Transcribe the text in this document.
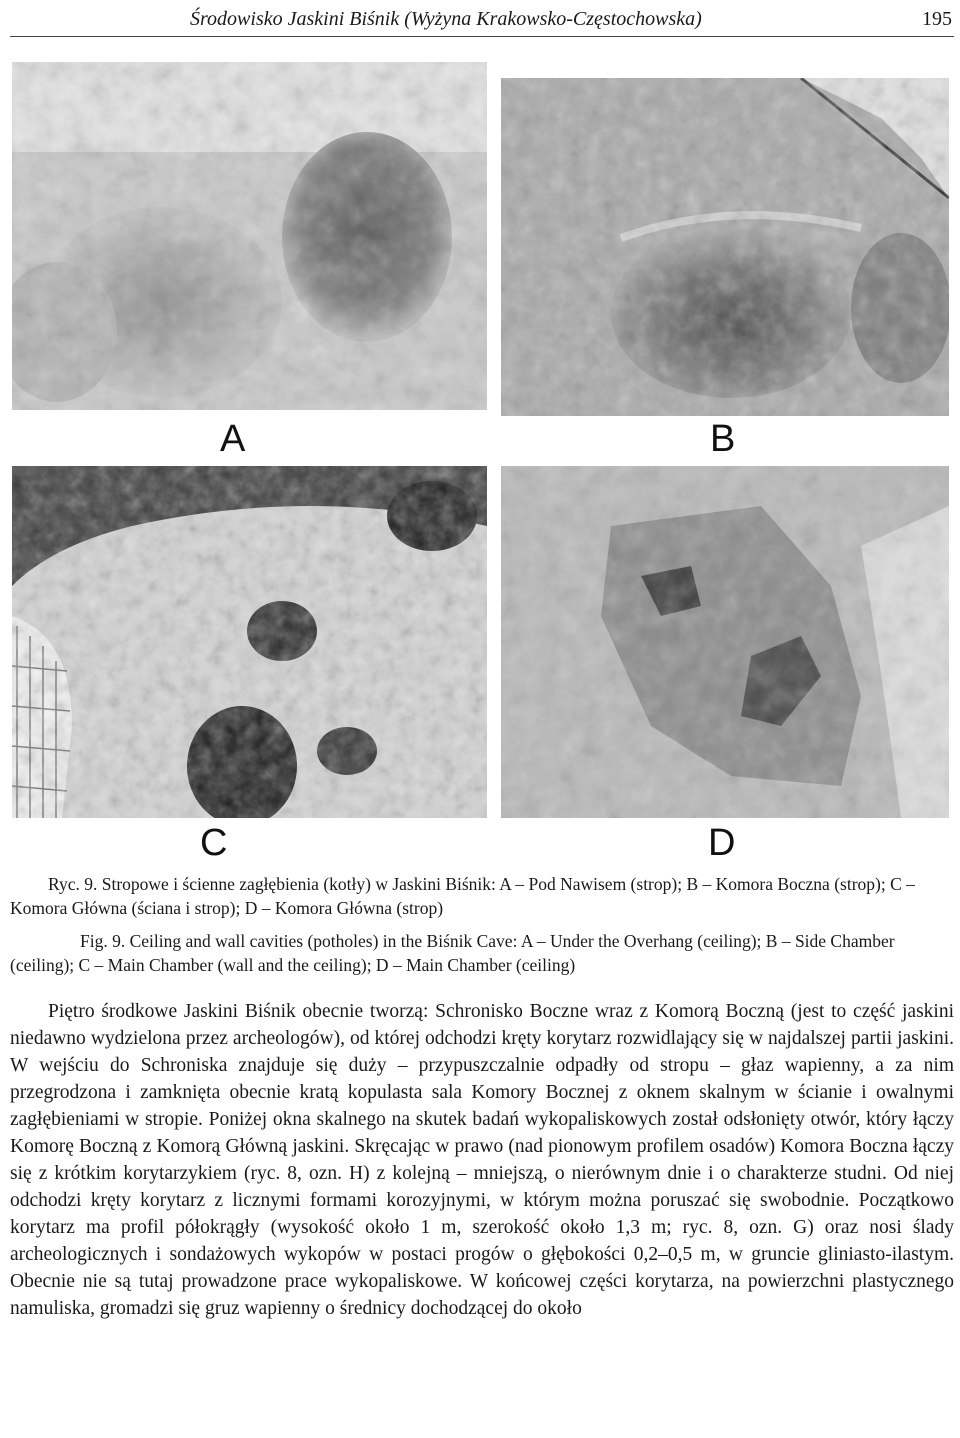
Środowisko Jaskini Biśnik (Wyżyna Krakowsko-Częstochowska)	195
A	B
C	D

Ryc. 9. Stropowe i ścienne zagłębienia (kotły) w Jaskini Biśnik: A – Pod Nawisem (strop); B – Komora Boczna (strop); C – Komora Główna (ściana i strop); D – Komora Główna (strop)

Fig. 9. Ceiling and wall cavities (potholes) in the Biśnik Cave: A – Under the Overhang (ceiling); B – Side Chamber (ceiling); C – Main Chamber (wall and the ceiling); D – Main Chamber (ceiling)

Piętro środkowe Jaskini Biśnik obecnie tworzą: Schronisko Boczne wraz z Komorą Boczną (jest to część jaskini niedawno wydzielona przez archeologów), od której odchodzi kręty korytarz rozwidlający się w najdalszej partii jaskini. W wejściu do Schroniska znajduje się duży – przypuszczalnie odpadły od stropu – głaz wapienny, a za nim przegrodzona i zamknięta obecnie kratą kopulasta sala Komory Bocznej z oknem skalnym w ścianie i owalnymi zagłębieniami w stropie. Poniżej okna skalnego na skutek badań wykopaliskowych został odsłonięty otwór, który łączy Komorę Boczną z Komorą Główną jaskini. Skręcając w prawo (nad pionowym profilem osadów) Komora Boczna łączy się z krótkim korytarzykiem (ryc. 8, ozn. H) z kolejną – mniejszą, o nierównym dnie i o charakterze studni. Od niej odchodzi kręty korytarz z licznymi formami korozyjnymi, w którym można poruszać się swobodnie. Początkowo korytarz ma profil półokrągły (wysokość około 1 m, szerokość około 1,3 m; ryc. 8, ozn. G) oraz nosi ślady archeologicznych i sondażowych wykopów w postaci progów o głębokości 0,2–0,5 m, w gruncie gliniasto-ilastym. Obecnie nie są tutaj prowadzone prace wykopaliskowe. W końcowej części korytarza, na powierzchni plastycznego namuliska, gromadzi się gruz wapienny o średnicy dochodzącej do około
